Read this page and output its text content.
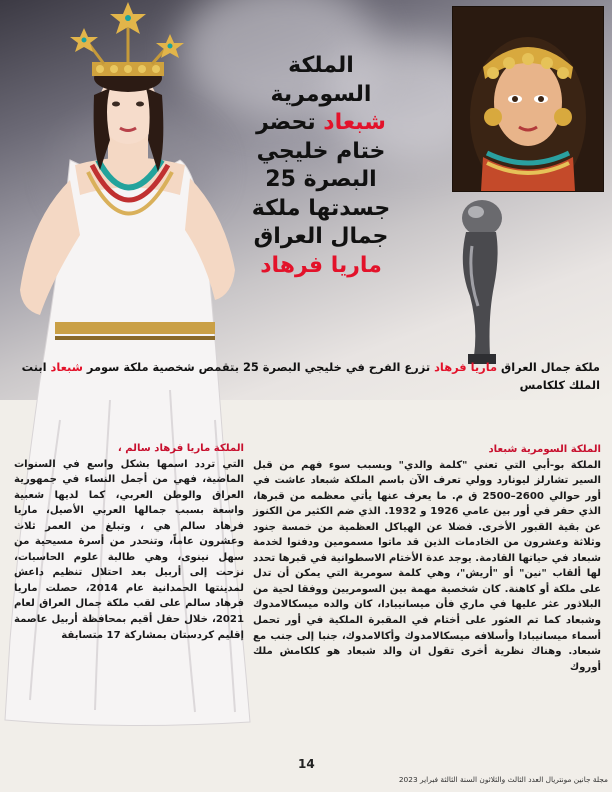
الملكة
السومرية
شبعاد تحضر
ختام خليجي
البصرة 25
جسدتها ملكة
جمال العراق
ماريا فرهاد
ملكة جمال العراق ماريا فرهاد تزرع الفرح في خليجي البصرة 25 بتقمص شخصية ملكة سومر شبعاد ابنت الملك كلكامس
الملكة السومرية شبعاد

الملكة بو-أبي التي تعني "كلمة والدي" وبسبب سوء فهم من قبل السير تشارلز ليونارد وولي تعرف الآن باسم الملكة شبعاد عاشت في أور حوالي 2600–2500 ق م. ما يعرف عنها يأتي معظمه من قبرها، الذي حفر في أور بين عامي 1926 و 1932. الذي ضم الكثير من الكنوز عن بقية القبور الأخرى. فضلا عن الهياكل العظمية من خمسة جنود وثلاثة وعشرون من الخادمات الذين قد ماتوا مسمومين ودفنوا لخدمة شبعاد في حياتها القادمة. يوجد عدة الأختام الاسطوانية في قبرها تحدد لها ألقاب "نين" أو "أريش"، وهي كلمة سومرية التي يمكن أن تدل على ملكة أو كاهنة. كان شخصية مهمة بين السومريين ووفقا لحية من البلاذور عثر عليها في ماري فأن ميسانيبادا، كان والده ميسكالامدوك وشبعاد كما تم العثور على أختام في المقبرة الملكية في أور تحمل أسماء ميسانيبادا وأسلافه ميسكالامدوك وأكالامدوك، جنبا إلى جنب مع شبعاد. وهناك نظرية أخرى تقول ان والد شبعاد هو كلكامش ملك أوروك

الملكة ماريا فرهاد سالم ،

التي تردد اسمها بشكل واسع في السنوات الماضية، فهي من أجمل النساء في جمهورية العراق والوطن العربي، كما لديها شعبية واسعة بسبب جمالها العربي الأصيل، ماريا فرهاد سالم هي ، وتبلغ من العمر ثلاث وعشرون عاماً، وتنحدر من أسرة مسيحية من سهل نينوى، وهي طالبة علوم الحاسبات، نزحت إلى أربيل بعد احتلال تنظيم داعش لمدينتها الحمدانية عام 2014، حصلت ماريا فرهاد سالم على لقب ملكة جمال العراق لعام 2021، خلال حفل أقيم بمحافظة أربيل عاصمة إقليم كردستان بمشاركة 17 متسابقة

14
مجلة جانين مونتريال العدد الثالث والثلاثون السنة الثالثة فبراير 2023
